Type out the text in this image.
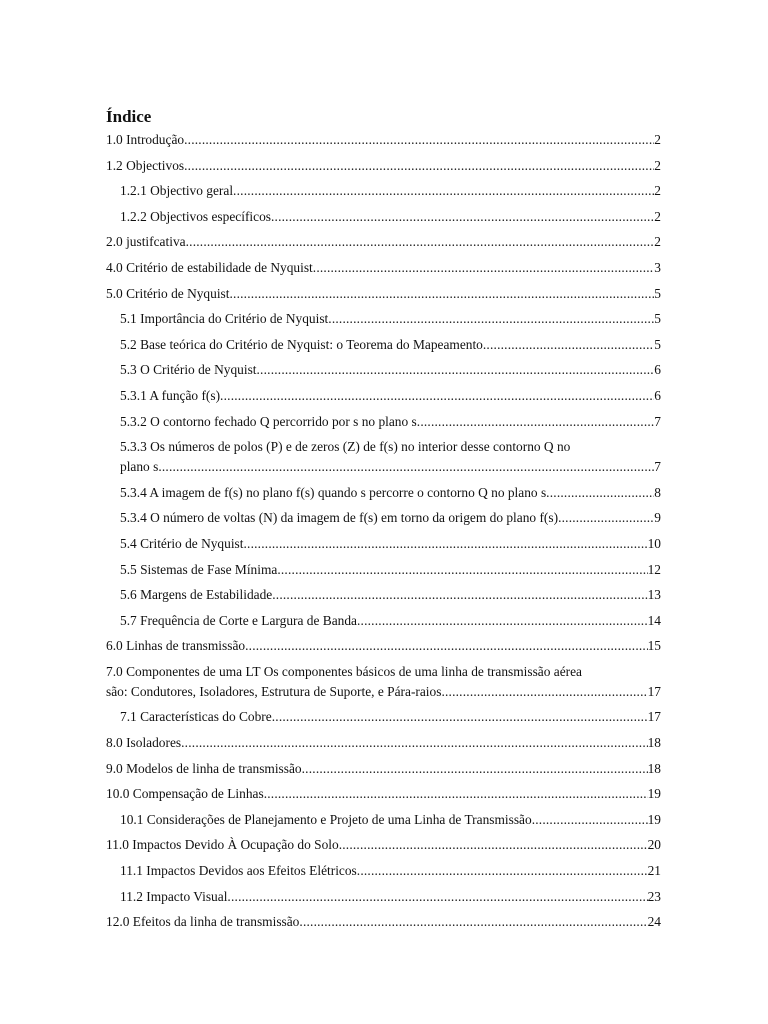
Índice
1.0 Introdução .....	2
1.2 Objectivos .....	2
1.2.1 Objectivo geral .....	2
1.2.2 Objectivos específicos .....	2
2.0 justifcativa .....	2
4.0 Critério de estabilidade de Nyquist .....	3
5.0 Critério de Nyquist .....	5
5.1 Importância do Critério de Nyquist .....	5
5.2 Base teórica do Critério de Nyquist: o Teorema do Mapeamento .....	5
5.3 O Critério de Nyquist .....	6
5.3.1 A função f(s) .....	6
5.3.2 O contorno fechado Q percorrido por s no plano s .....	7
5.3.3 Os números de polos (P) e de zeros (Z) de f(s) no interior desse contorno Q no
plano s .....	7
5.3.4 A imagem de f(s) no plano f(s) quando s percorre o contorno Q no plano s .....	8
5.3.4 O número de voltas (N) da imagem de f(s) em torno da origem do plano f(s) .....	9
5.4 Critério de Nyquist .....	10
5.5 Sistemas de Fase Mínima .....	12
5.6 Margens de Estabilidade .....	13
5.7 Frequência de Corte e Largura de Banda .....	14
6.0 Linhas de transmissão .....	15
7.0 Componentes de uma LT Os componentes básicos de uma linha de transmissão aérea
são: Condutores, Isoladores, Estrutura de Suporte, e Pára-raios .....	17
7.1 Características do Cobre .....	17
8.0 Isoladores .....	18
9.0 Modelos de linha de transmissão .....	18
10.0 Compensação de Linhas .....	19
10.1 Considerações de Planejamento e Projeto de uma Linha de Transmissão .....	19
11.0 Impactos Devido À Ocupação do Solo .....	20
11.1 Impactos Devidos aos Efeitos Elétricos .....	21
11.2 Impacto Visual .....	23
12.0 Efeitos da linha de transmissão .....	24
